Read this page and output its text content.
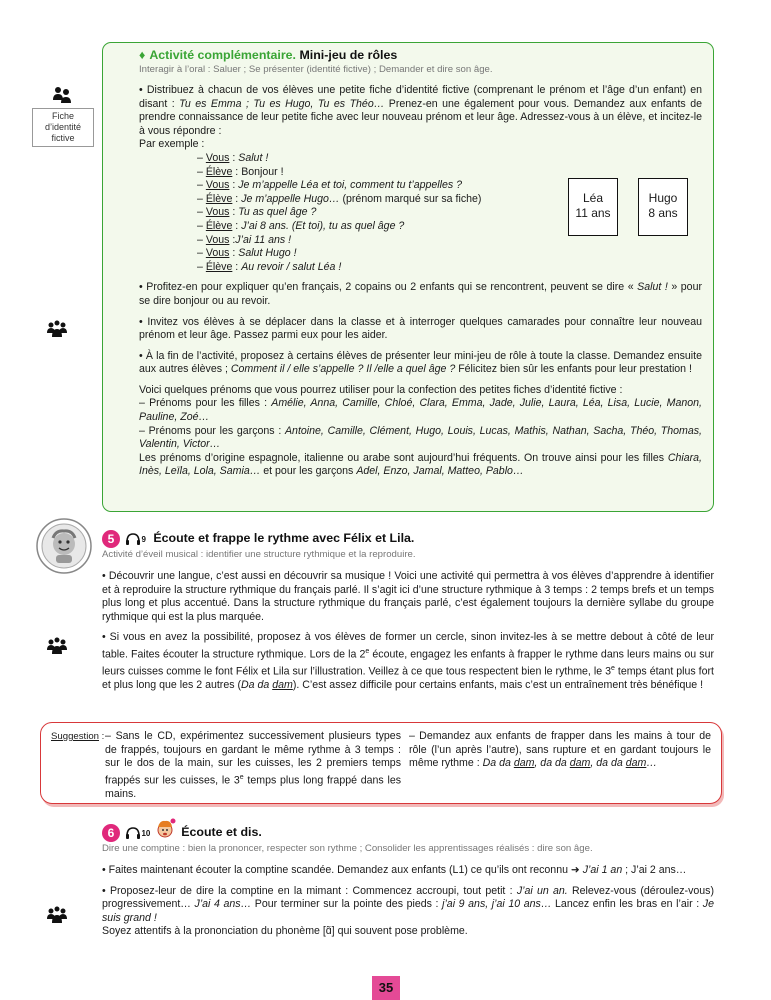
Fiche d’identité fictive
♦ Activité complémentaire. Mini-jeu de rôles
Interagir à l’oral : Saluer ; Se présenter (identité fictive) ; Demander et dire son âge.

• Distribuez à chacun de vos élèves une petite fiche d’identité fictive (comprenant le prénom et l’âge d’un enfant) en disant : Tu es Emma ; Tu es Hugo, Tu es Théo… Prenez-en une également pour vous. Demandez aux enfants de prendre connaissance de leur petite fiche avec leur nouveau prénom et leur âge. Adressez-vous à un élève, et incitez-le à vous répondre :

Par exemple :
– Vous : Salut !
– Élève : Bonjour !
– Vous : Je m’appelle Léa et toi, comment tu t’appelles ?
– Élève : Je m’appelle Hugo… (prénom marqué sur sa fiche)
– Vous : Tu as quel âge ?
– Élève : J’ai 8 ans. (Et toi), tu as quel âge ?
– Vous :J’ai 11 ans !
– Vous : Salut Hugo !
– Élève : Au revoir / salut Léa !

• Profitez-en pour expliquer qu’en français, 2 copains ou 2 enfants qui se rencontrent, peuvent se dire « Salut ! » pour se dire bonjour ou au revoir.

• Invitez vos élèves à se déplacer dans la classe et à interroger quelques camarades pour connaître leur nouveau prénom et leur âge. Passez parmi eux pour les aider.

• À la fin de l’activité, proposez à certains élèves de présenter leur mini-jeu de rôle à toute la classe. Demandez ensuite aux autres élèves ; Comment il / elle s’appelle ? Il /elle a quel âge ? Félicitez bien sûr les enfants pour leur prestation !

Voici quelques prénoms que vous pourrez utiliser pour la confection des petites fiches d’identité fictive :
– Prénoms pour les filles : Amélie, Anna, Camille, Chloé, Clara, Emma, Jade, Julie, Laura, Léa, Lisa, Lucie, Manon, Pauline, Zoé…
– Prénoms pour les garçons : Antoine, Camille, Clément, Hugo, Louis, Lucas, Mathis, Nathan, Sacha, Théo, Thomas, Valentin, Victor…
Les prénoms d’origine espagnole, italienne ou arabe sont aujourd’hui fréquents. On trouve ainsi pour les filles Chiara, Inès, Leïla, Lola, Samia… et pour les garçons Adel, Enzo, Jamal, Matteo, Pablo…
Léa
11 ans
Hugo
8 ans
5	9 Écoute et frappe le rythme avec Félix et Lila.
Activité d’éveil musical : identifier une structure rythmique et la reproduire.

• Découvrir une langue, c’est aussi en découvrir sa musique ! Voici une activité qui permettra à vos élèves d’apprendre à identifier et à reproduire la structure rythmique du français parlé. Il s’agit ici d’une structure rythmique à 3 temps : 2 temps brefs et un temps plus long et plus accentué. Dans la structure rythmique du français parlé, c’est également toujours la dernière syllabe du groupe rythmique qui est la plus marquée.

• Si vous en avez la possibilité, proposez à vos élèves de former un cercle, sinon invitez-les à se mettre debout à côté de leur table. Faites écouter la structure rythmique. Lors de la 2e écoute, engagez les enfants à frapper le rythme dans leurs mains ou sur leurs cuisses comme le font Félix et Lila sur l’illustration. Veillez à ce que tous respectent bien le rythme, le 3e temps étant plus fort et plus long que les 2 autres (Da da dam). C’est assez difficile pour certains enfants, mais c’est un entraînement très bénéfique !

Suggestion : – Sans le CD, expérimentez successivement plusieurs types de frappés, toujours en gardant le même rythme à 3 temps : sur le dos de la main, sur les cuisses, les 2 premiers temps frappés sur les cuisses, le 3e temps plus long frappé dans les mains.

– Demandez aux enfants de frapper dans les mains à tour de rôle (l’un après l’autre), sans rupture et en gardant toujours le même rythme : Da da dam, da da dam, da da dam…

6	10 Écoute et dis.
Dire une comptine : bien la prononcer, respecter son rythme ; Consolider les apprentissages réalisés : dire son âge.

• Faites maintenant écouter la comptine scandée. Demandez aux enfants (L1) ce qu’ils ont reconnu ➜ J’ai 1 an ; J’ai 2 ans…

• Proposez-leur de dire la comptine en la mimant : Commencez accroupi, tout petit : J’ai un an. Relevez-vous (déroulez-vous) progressivement… J’ai 4 ans… Pour terminer sur la pointe des pieds : j’ai 9 ans, j’ai 10 ans… Lancez enfin les bras en l’air : Je suis grand !

Soyez attentifs à la prononciation du phonème [ɑ̃] qui souvent pose problème.

35
